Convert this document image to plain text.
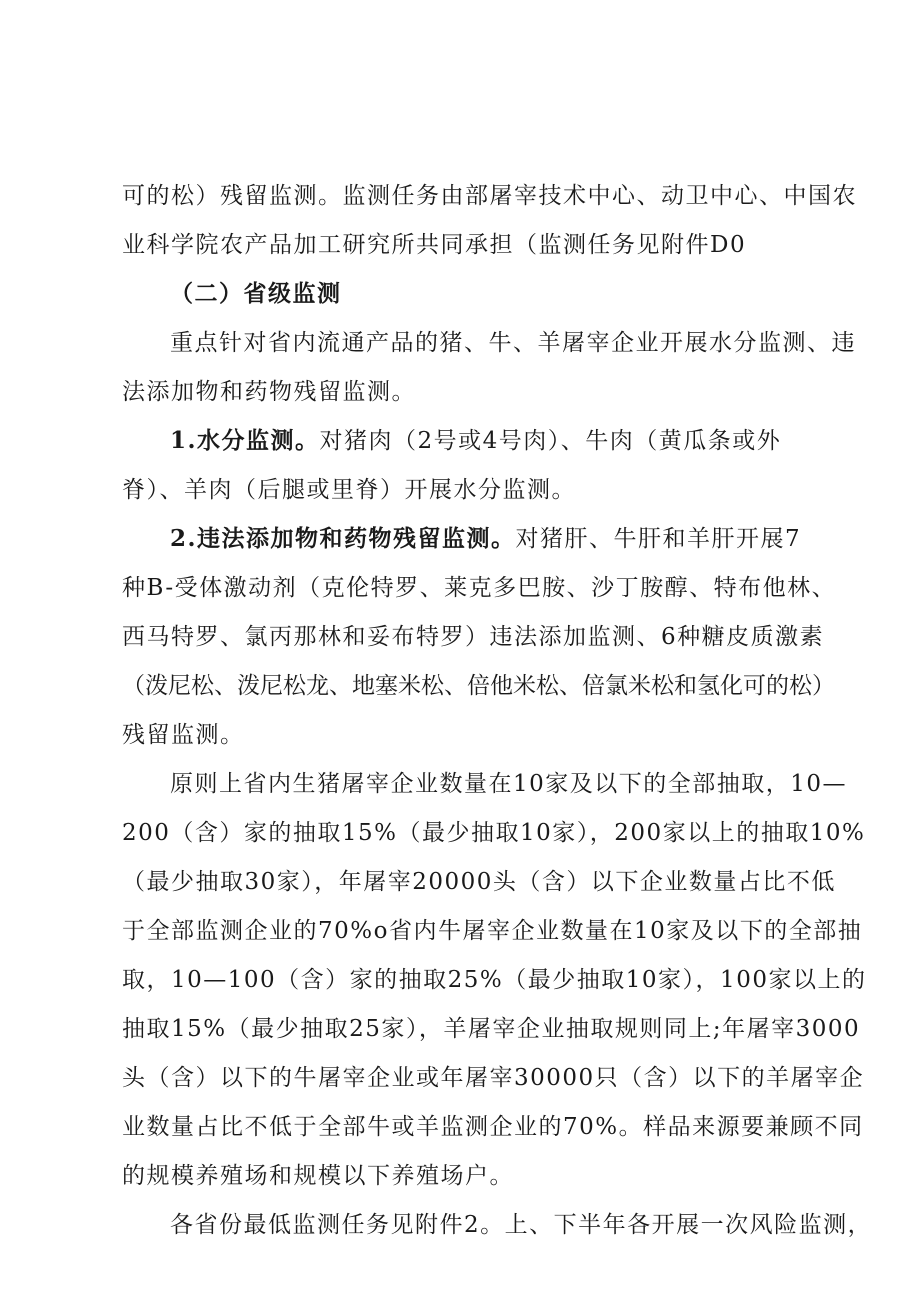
可的松）残留监测。监测任务由部屠宰技术中心、动卫中心、中国农
业科学院农产品加工研究所共同承担（监测任务见附件D0
（二）省级监测
重点针对省内流通产品的猪、牛、羊屠宰企业开展水分监测、违
法添加物和药物残留监测。
1.水分监测。对猪肉（2号或4号肉）、牛肉（黄瓜条或外
脊）、羊肉（后腿或里脊）开展水分监测。
2.违法添加物和药物残留监测。对猪肝、牛肝和羊肝开展7
种B-受体激动剂（克伦特罗、莱克多巴胺、沙丁胺醇、特布他林、
西马特罗、氯丙那林和妥布特罗）违法添加监测、6种糖皮质激素
（泼尼松、泼尼松龙、地塞米松、倍他米松、倍氯米松和氢化可的松）
残留监测。
原则上省内生猪屠宰企业数量在10家及以下的全部抽取，10—
200（含）家的抽取15%（最少抽取10家），200家以上的抽取10%
（最少抽取30家），年屠宰20000头（含）以下企业数量占比不低
于全部监测企业的70%o省内牛屠宰企业数量在10家及以下的全部抽
取，10—100（含）家的抽取25%（最少抽取10家），100家以上的
抽取15%（最少抽取25家），羊屠宰企业抽取规则同上;年屠宰3000
头（含）以下的牛屠宰企业或年屠宰30000只（含）以下的羊屠宰企
业数量占比不低于全部牛或羊监测企业的70%。样品来源要兼顾不同
的规模养殖场和规模以下养殖场户。
各省份最低监测任务见附件2。上、下半年各开展一次风险监测，
